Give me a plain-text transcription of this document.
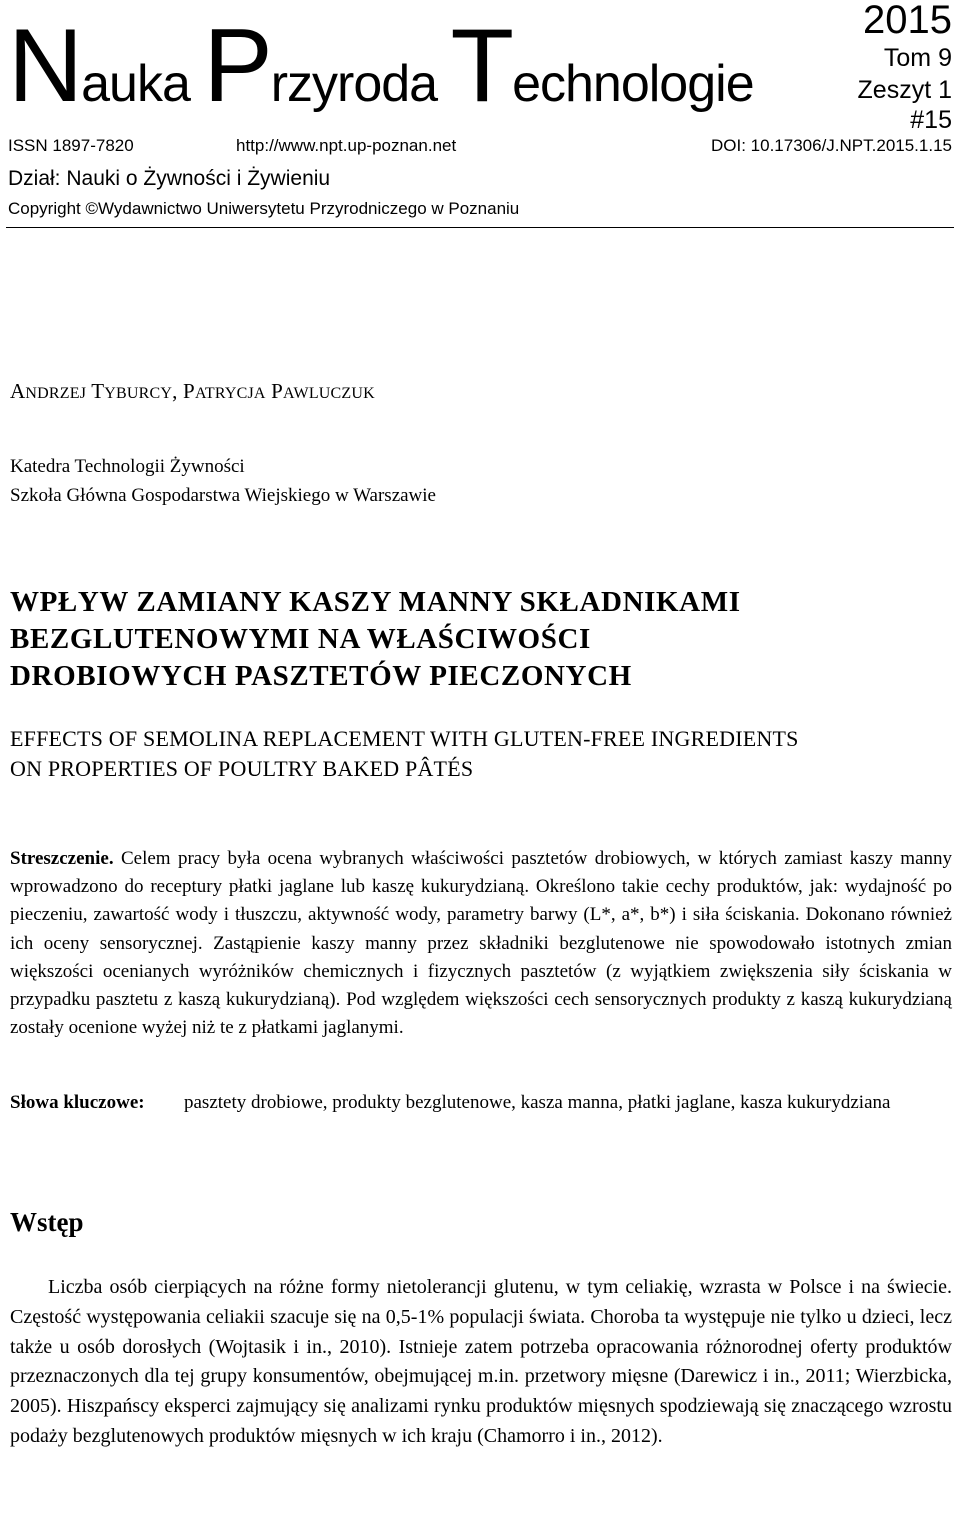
Nauka Przyroda Technologie
2015
Tom 9
Zeszyt 1
#15
ISSN 1897-7820	http://www.npt.up-poznan.net	DOI: 10.17306/J.NPT.2015.1.15
Dział: Nauki o Żywności i Żywieniu
Copyright ©Wydawnictwo Uniwersytetu Przyrodniczego w Poznaniu
ANDRZEJ TYBURCY, PATRYCJA PAWLUCZUK
Katedra Technologii Żywności
Szkoła Główna Gospodarstwa Wiejskiego w Warszawie
WPŁYW ZAMIANY KASZY MANNY SKŁADNIKAMI
BEZGLUTENOWYMI NA WŁAŚCIWOŚCI
DROBIOWYCH PASZTETÓW PIECZONYCH
EFFECTS OF SEMOLINA REPLACEMENT WITH GLUTEN-FREE INGREDIENTS
ON PROPERTIES OF POULTRY BAKED PÂTÉS
Streszczenie. Celem pracy była ocena wybranych właściwości pasztetów drobiowych, w których zamiast kaszy manny wprowadzono do receptury płatki jaglane lub kaszę kukurydzianą. Określono takie cechy produktów, jak: wydajność po pieczeniu, zawartość wody i tłuszczu, aktywność wody, parametry barwy (L*, a*, b*) i siła ściskania. Dokonano również ich oceny sensorycznej. Zastąpienie kaszy manny przez składniki bezglutenowe nie spowodowało istotnych zmian większości ocenianych wyróżników chemicznych i fizycznych pasztetów (z wyjątkiem zwiększenia siły ściskania w przypadku pasztetu z kaszą kukurydzianą). Pod względem większości cech sensorycznych produkty z kaszą kukurydzianą zostały ocenione wyżej niż te z płatkami jaglanymi.
Słowa kluczowe: pasztety drobiowe, produkty bezglutenowe, kasza manna, płatki jaglane, kasza kukurydziana
Wstęp
Liczba osób cierpiących na różne formy nietolerancji glutenu, w tym celiakię, wzrasta w Polsce i na świecie. Częstość występowania celiakii szacuje się na 0,5-1% populacji świata. Choroba ta występuje nie tylko u dzieci, lecz także u osób dorosłych (Wojtasik i in., 2010). Istnieje zatem potrzeba opracowania różnorodnej oferty produktów przeznaczonych dla tej grupy konsumentów, obejmującej m.in. przetwory mięsne (Darewicz i in., 2011; Wierzbicka, 2005). Hiszpańscy eksperci zajmujący się analizami rynku produktów mięsnych spodziewają się znaczącego wzrostu podaży bezglutenowych produktów mięsnych w ich kraju (Chamorro i in., 2012).
